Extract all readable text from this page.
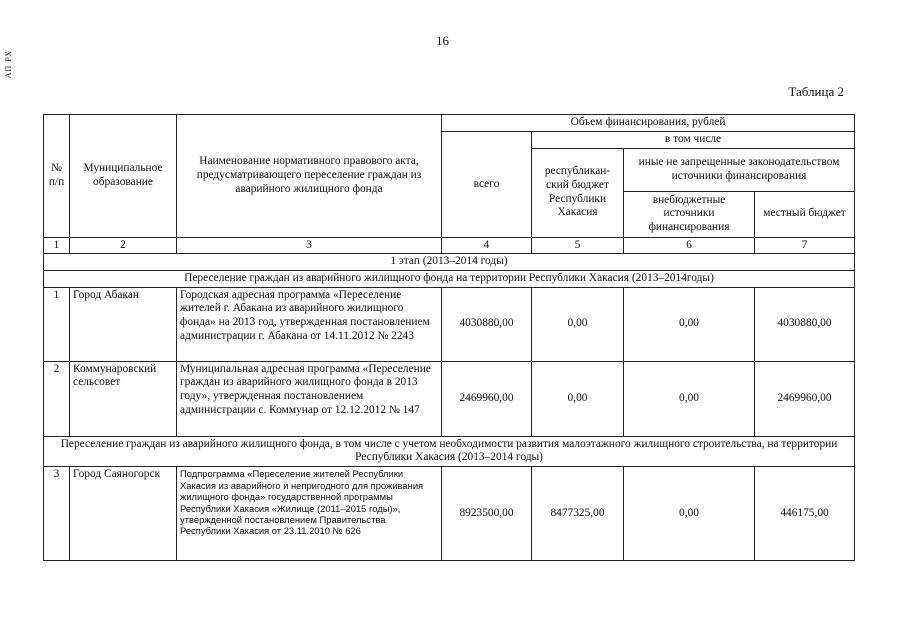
16
АП РХ
Таблица 2
№ п/п	Муниципальное образование	Наименование нормативного правового акта, предусматривающего переселение граждан из аварийного жилищного фонда	Объем финансирования, рублей			
			всего	в том числе		
				республикан-ский бюджет Республики Хакасия	иные не запрещенные законодательством источники финансирования	
					внебюджетные источники финансирования	местный бюджет
1	2	3	4	5	6	7
1 этап (2013–2014 годы)						
Переселение граждан из аварийного жилищного фонда на территории Республики Хакасия (2013–2014годы)						
1	Город Абакан	Городская адресная программа «Переселение жителей г. Абакана из аварийного жилищного фонда» на 2013 год, утвержденная постановлением администрации г. Абакана от 14.11.2012 № 2243	4030880,00	0,00	0,00	4030880,00
2	Коммунаровский сельсовет	Муниципальная адресная программа «Переселение граждан из аварийного жилищного фонда в 2013 году», утвержденная постановлением администрации с. Коммунар от 12.12.2012 № 147	2469960,00	0,00	0,00	2469960,00
Переселение граждан из аварийного жилищного фонда, в том числе с учетом необходимости развития малоэтажного жилищного строительства, на территории Республики Хакасия (2013–2014 годы)						
3	Город Саяногорск	Подпрограмма «Переселение жителей Республики Хакасия из аварийного и непригодного для проживания жилищного фонда» государственной программы Республики Хакасия «Жилище (2011–2015 годы)», утвержденной постановлением Правительства Республики Хакасия от 23.11.2010 № 626	8923500,00	8477325,00	0,00	446175,00
